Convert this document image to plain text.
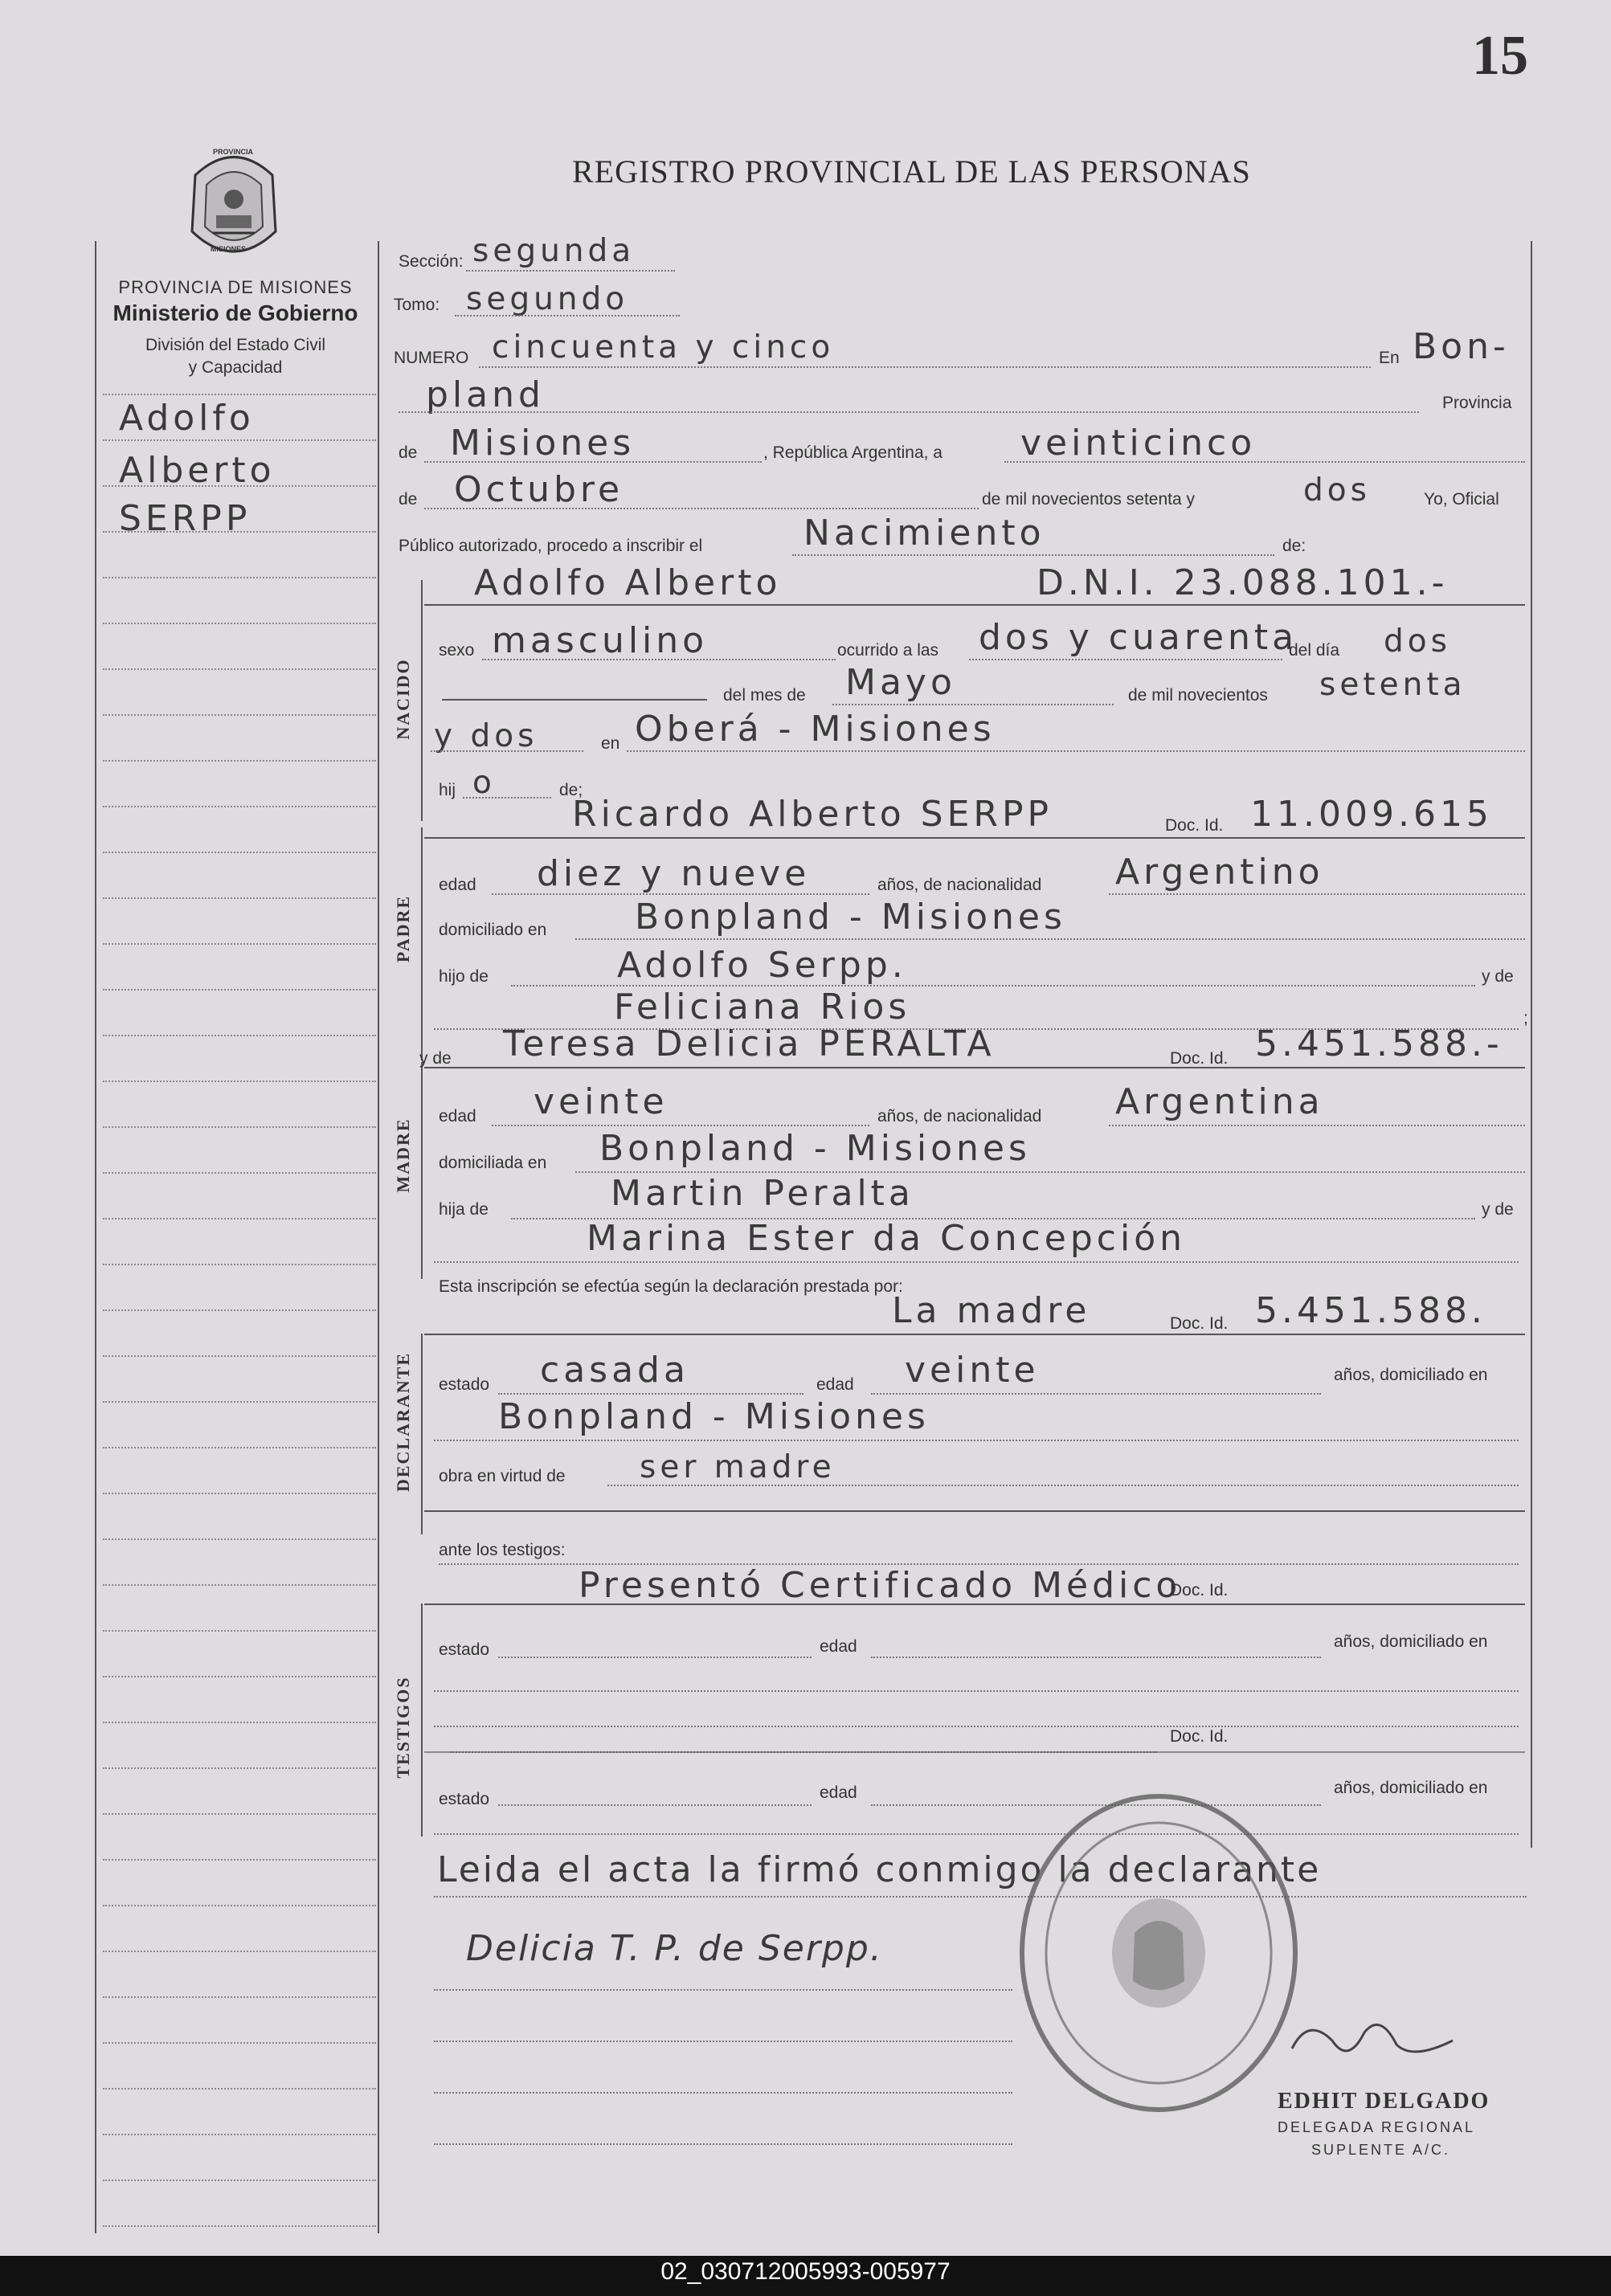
15
REGISTRO PROVINCIAL DE LAS PERSONAS
PROVINCIA
MISIONES
PROVINCIA DE MISIONES
Ministerio de Gobierno
División del Estado Civil
y Capacidad
Adolfo
Alberto
SERPP
Sección: segunda
Tomo: segundo
NUMERO cincuenta y cinco	En Bon-
pland	Provincia
de Misiones	, República Argentina, a veinticinco
de Octubre	de mil novecientos setenta y	dos	Yo, Oficial
Público autorizado, procedo a inscribir el	Nacimiento	de:
NACIDO
Adolfo Alberto	D.N.I. 23.088.101.-
sexo masculino	ocurrido a las dos y cuarenta
del día dos
del mes de Mayo	de mil novecientos setenta
y dos	en Oberá - Misiones
hij o	de;
PADRE
Ricardo Alberto SERPP	Doc. Id. 11.009.615
edad diez y nueve	años, de nacionalidad Argentino
domiciliado en Bonpland - Misiones
hijo de	Adolfo Serpp.	y de
Feliciana Rios	;
MADRE
y de Teresa Delicia PERALTA	Doc. Id. 5.451.588.-
edad veinte	años, de nacionalidad Argentina
domiciliada en Bonpland - Misiones
hija de	Martin Peralta	y de
Marina Ester da Concepción
Esta inscripción se efectúa según la declaración prestada por:
La madre	Doc. Id. 5.451.588.
DECLARANTE estado casada	edad veinte	años, domiciliado en
Bonpland - Misiones
obra en virtud de ser madre
ante los testigos:
Presentó Certificado Médico
Doc. Id.
TESTIGOS
estado	edad	años, domiciliado en
Doc. Id.
estado	edad	años, domiciliado en
Leida el acta la firmó conmigo la declarante
Delicia T. P. de Serpp.
EDHIT DELGADO
DELEGADA REGIONAL
SUPLENTE A/C.
02_030712005993-005977
